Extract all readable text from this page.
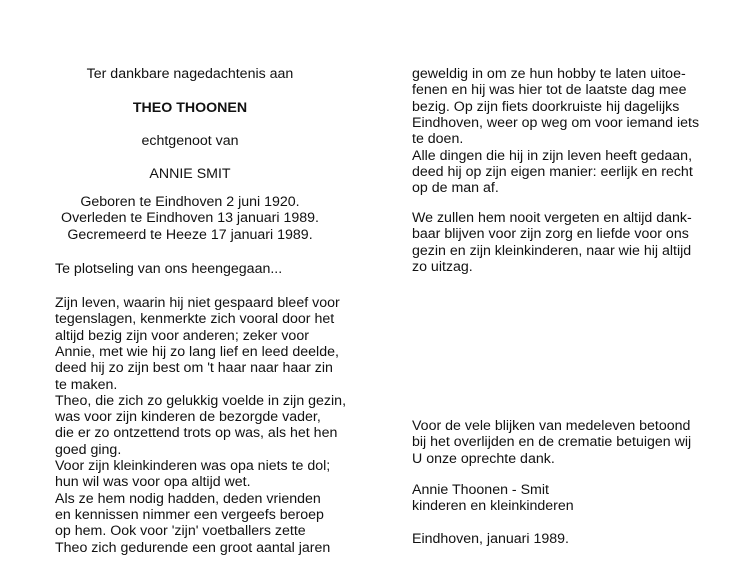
Ter dankbare nagedachtenis aan
THEO THOONEN
echtgenoot van
ANNIE SMIT
Geboren te Eindhoven 2 juni 1920.
Overleden te Eindhoven 13 januari 1989.
Gecremeerd te Heeze 17 januari 1989.
Te plotseling van ons heengegaan...
Zijn leven, waarin hij niet gespaard bleef voor
tegenslagen, kenmerkte zich vooral door het
altijd bezig zijn voor anderen; zeker voor
Annie, met wie hij zo lang lief en leed deelde,
deed hij zo zijn best om 't haar naar haar zin
te maken.
Theo, die zich zo gelukkig voelde in zijn gezin,
was voor zijn kinderen de bezorgde vader,
die er zo ontzettend trots op was, als het hen
goed ging.
Voor zijn kleinkinderen was opa niets te dol;
hun wil was voor opa altijd wet.
Als ze hem nodig hadden, deden vrienden
en kennissen nimmer een vergeefs beroep
op hem. Ook voor 'zijn' voetballers zette
Theo zich gedurende een groot aantal jaren
geweldig in om ze hun hobby te laten uitoe-
fenen en hij was hier tot de laatste dag mee
bezig. Op zijn fiets doorkruiste hij dagelijks
Eindhoven, weer op weg om voor iemand iets
te doen.
Alle dingen die hij in zijn leven heeft gedaan,
deed hij op zijn eigen manier: eerlijk en recht
op de man af.
We zullen hem nooit vergeten en altijd dank-
baar blijven voor zijn zorg en liefde voor ons
gezin en zijn kleinkinderen, naar wie hij altijd
zo uitzag.
Voor de vele blijken van medeleven betoond
bij het overlijden en de crematie betuigen wij
U onze oprechte dank.
Annie Thoonen - Smit
kinderen en kleinkinderen
Eindhoven, januari 1989.
